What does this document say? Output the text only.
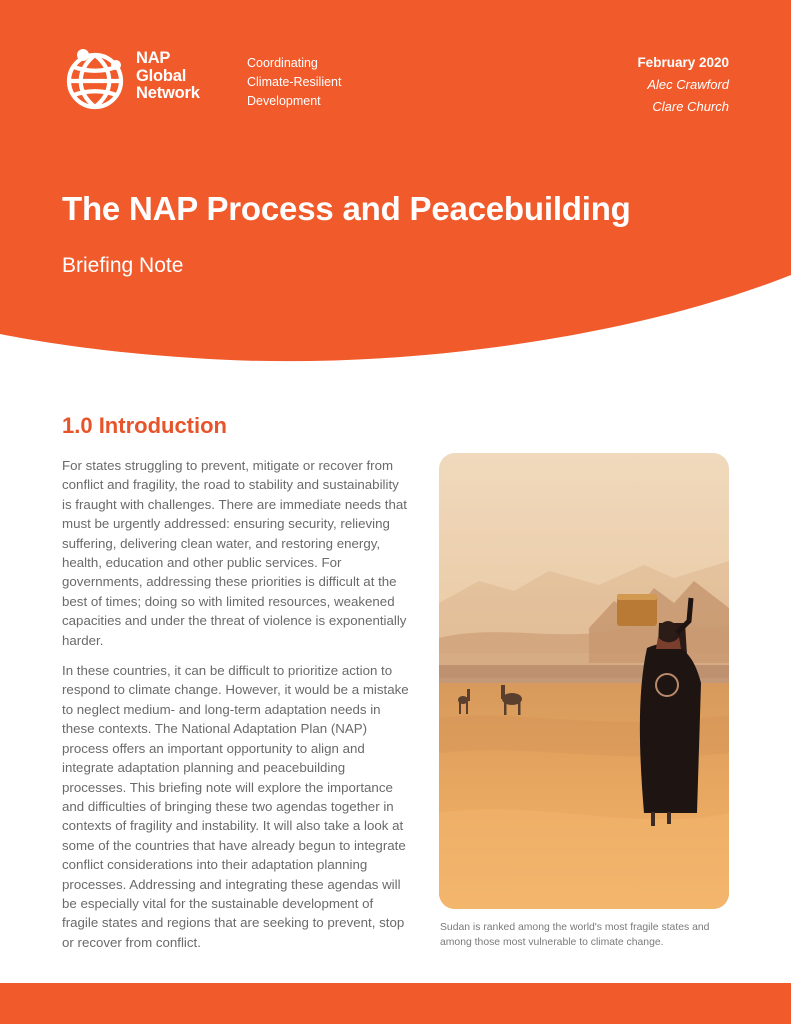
NAP
Global
Network
Coordinating
Climate-Resilient
Development
February 2020
Alec Crawford
Clare Church
The NAP Process and Peacebuilding
Briefing Note
1.0 Introduction

For states struggling to prevent, mitigate or recover from conflict and fragility, the road to stability and sustainability is fraught with challenges. There are immediate needs that must be urgently addressed: ensuring security, relieving suffering, delivering clean water, and restoring energy, health, education and other public services. For governments, addressing these priorities is difficult at the best of times; doing so with limited resources, weakened capacities and under the threat of violence is exponentially harder.

In these countries, it can be difficult to prioritize action to respond to climate change. However, it would be a mistake to neglect medium- and long-term adaptation needs in these contexts. The National Adaptation Plan (NAP) process offers an important opportunity to align and integrate adaptation planning and peacebuilding processes. This briefing note will explore the importance and difficulties of bringing these two agendas together in contexts of fragility and instability. It will also take a look at some of the countries that have already begun to integrate conflict considerations into their adaptation planning processes. Addressing and integrating these agendas will be especially vital for the sustainable development of fragile states and regions that are seeking to prevent, stop or recover from conflict.

Sudan is ranked among the world's most fragile states and among those most vulnerable to climate change.
